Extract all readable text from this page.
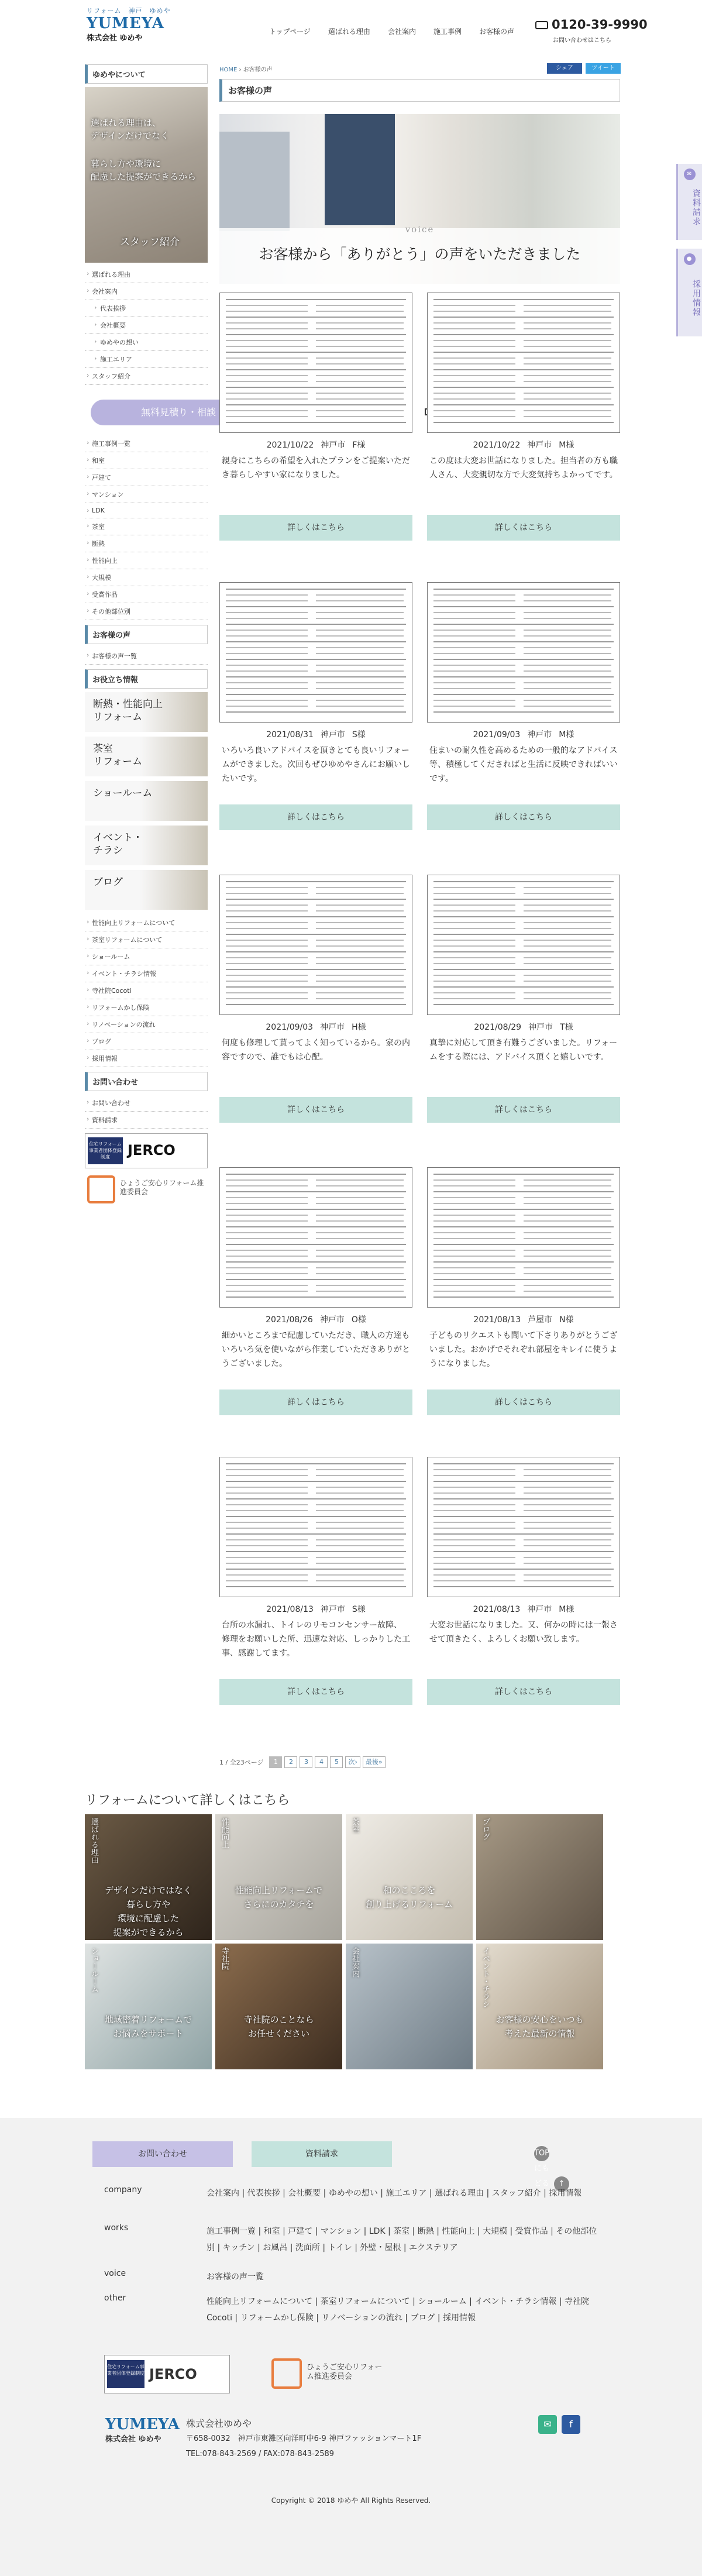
リフォーム　神戸　ゆめや
YUMEYA
株式会社 ゆめや
トップページ	選ばれる理由	会社案内	施工事例	お客様の声	0120-39-9990
お問い合わせはこちら
✉
資料請求
●
採用情報
ゆめやについて
選ばれる理由は、
デザインだけでなく
暮らし方や環境に
配慮した提案ができるから
スタッフ紹介
› 選ばれる理由
› 会社案内
› 代表挨拶
› 会社概要
› ゆめやの想い
› 施工エリア
› スタッフ紹介
› 施工事例一覧
› 和室
› 戸建て
› マンション
› LDK
› 茶室
› 断熱
› 性能向上
› 大規模
› 受賞作品
› その他部位別
お客様の声
› お客様の声一覧
お役立ち情報
断熱・性能向上
リフォーム
茶室
リフォーム
ショールーム

イベント・
チラシ
ブログ

› 性能向上リフォームについて
› 茶室リフォームについて
› ショールーム
› イベント・チラシ情報
› 寺社院Cocoti
› リフォームかし保険
› リノベーションの流れ
› ブログ
› 採用情報
お問い合わせ
› お問い合わせ
› 資料請求
住宅リフォーム事業者団体登録制度	JERCO
ひょうご安心リフォーム推進委員会
無料見積り・相談
HOME › お客様の声	シェア	ツイート
お客様の声
voice
お客様から「ありがとう」の声をいただきました
2021/10/22 神戸市 F様
親身にこちらの希望を入れたプランをご提案いただき暮らしやすい家になりました。
詳しくはこちら
2021/10/22 神戸市 M様
この度は大変お世話になりました。担当者の方も職人さん、大変親切な方で大変気持ちよかってです。
詳しくはこちら
2021/08/31 神戸市 S様
いろいろ良いアドバイスを頂きとても良いリフォームができました。次回もぜひゆめやさんにお願いしたいです。
詳しくはこちら
2021/09/03 神戸市 M様
住まいの耐久性を高めるための一般的なアドバイス等、積極してくださればと生活に反映できればいいです。
詳しくはこちら
2021/09/03 神戸市 H様
何度も修理して貰ってよく知っているから。家の内容ですので、誰でもは心配。
詳しくはこちら
2021/08/29 神戸市 T様
真摯に対応して頂き有難うございました。リフォームをする際には、アドバイス頂くと嬉しいです。
詳しくはこちら
2021/08/26 神戸市 O様
細かいところまで配慮していただき、職人の方達もいろいろ気を使いながら作業していただきありがとうございました。
詳しくはこちら
2021/08/13 芦屋市 N様
子どものリクエストも聞いて下さりありがとうございました。おかげでそれぞれ部屋をキレイに使うようになりました。
詳しくはこちら
2021/08/13 神戸市 S様
台所の水漏れ、トイレのリモコンセンサー故障、修理をお願いした所、迅速な対応、しっかりした工事、感謝してます。
詳しくはこちら
2021/08/13 神戸市 M様
大変お世話になりました。又、何かの時には一報させて頂きたく、よろしくお願い致します。
詳しくはこちら
1 / 全23ページ	1	2	3	4	5	次›	最後»
リフォームについて詳しくはこちら
選ばれる理由
デザインだけではなく
暮らし方や
環境に配慮した
提案ができるから
性能向上
性能向上リフォームで
さらにのカタチを
茶室
和のこころを
創り上げるリフォーム
ブログ
ショールーム
地域密着リフォームで
お悩みをサポート
寺社院
寺社院のことなら
お任せください
会社案内	イベント・チラシ
お客様の安心をいつも
考えた最新の情報
お問い合わせ	資料請求	TOPにもどる ↑
company	会社案内 | 代表挨拶 | 会社概要 | ゆめやの想い | 施工エリア | 選ばれる理由 | スタッフ紹介 | 採用情報
works	施工事例一覧 | 和室 | 戸建て | マンション | LDK | 茶室 | 断熱 | 性能向上 | 大規模 | 受賞作品 | その他部位別 | キッチン | お風呂 | 洗面所 | トイレ | 外壁・屋根 | エクステリア
voice	お客様の声一覧
other	性能向上リフォームについて | 茶室リフォームについて | ショールーム | イベント・チラシ情報 | 寺社院Cocoti | リフォームかし保険 | リノベーションの流れ | ブログ | 採用情報
住宅リフォーム事業者団体登録制度 JERCO	ひょうご安心リフォーム推進委員会
YUMEYA
株式会社 ゆめや
株式会社ゆめや
〒658-0032　神戸市東灘区向洋町中6-9 神戸ファッションマート1F
TEL:078-843-2569 / FAX:078-843-2589
✉	f
Copyright © 2018 ゆめや All Rights Reserved.
